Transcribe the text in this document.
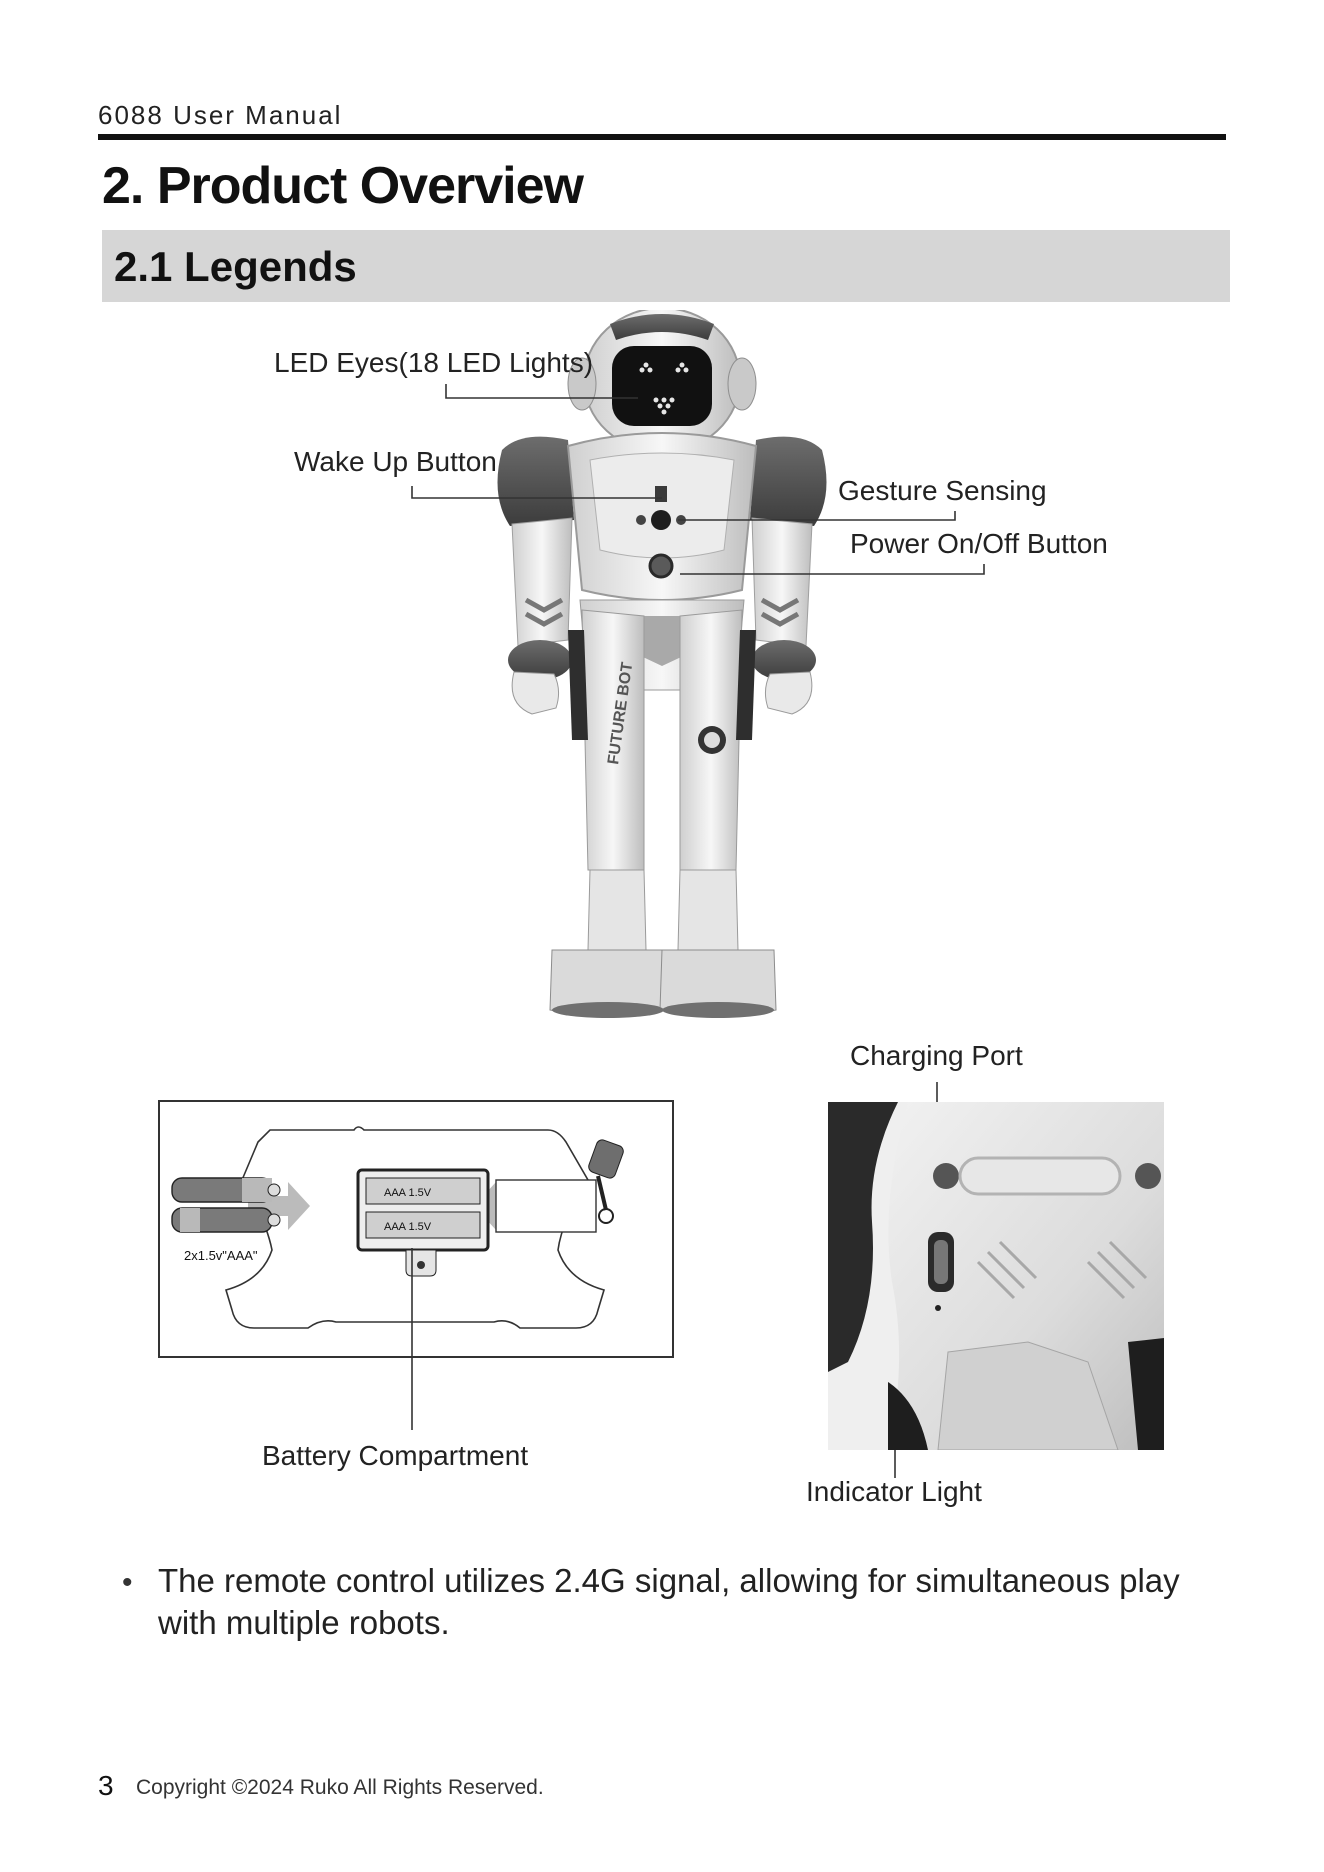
6088 User Manual
2. Product Overview
2.1 Legends
FUTURE BOT
LED Eyes(18 LED Lights)
Wake Up Button
Gesture Sensing
Power On/Off Button
2x1.5v"AAA"
AAA 1.5V
AAA 1.5V
Battery Compartment
Charging Port
Indicator Light
• The remote control utilizes 2.4G signal, allowing for simultaneous play with multiple robots.
3 Copyright ©2024 Ruko All Rights Reserved.
